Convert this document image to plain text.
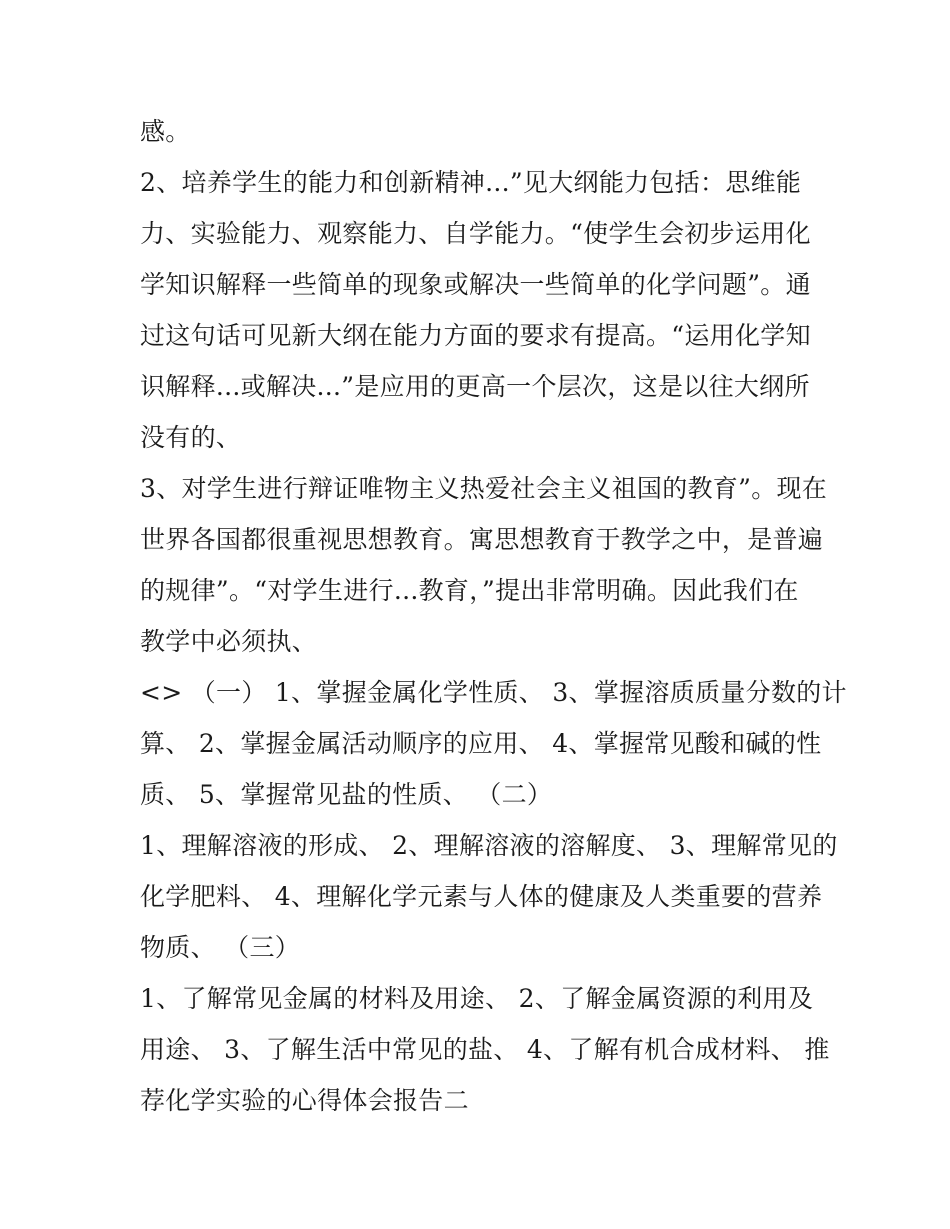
感。
2、培养学生的能力和创新精神...”见大纲能力包括：思维能
力、实验能力、观察能力、自学能力。“使学生会初步运用化
学知识解释一些简单的现象或解决一些简单的化学问题”。通
过这句话可见新大纲在能力方面的要求有提高。“运用化学知
识解释...或解决...”是应用的更高一个层次，这是以往大纲所
没有的、
3、对学生进行辩证唯物主义热爱社会主义祖国的教育”。现在
世界各国都很重视思想教育。寓思想教育于教学之中，是普遍
的规律”。“对学生进行...教育，”提出非常明确。因此我们在
教学中必须执、
<> （一） 1、掌握金属化学性质、 3、掌握溶质质量分数的计
算、 2、掌握金属活动顺序的应用、 4、掌握常见酸和碱的性
质、 5、掌握常见盐的性质、 （二）
1、理解溶液的形成、 2、理解溶液的溶解度、 3、理解常见的
化学肥料、 4、理解化学元素与人体的健康及人类重要的营养
物质、 （三）
1、了解常见金属的材料及用途、 2、了解金属资源的利用及
用途、 3、了解生活中常见的盐、 4、了解有机合成材料、 推
荐化学实验的心得体会报告二
